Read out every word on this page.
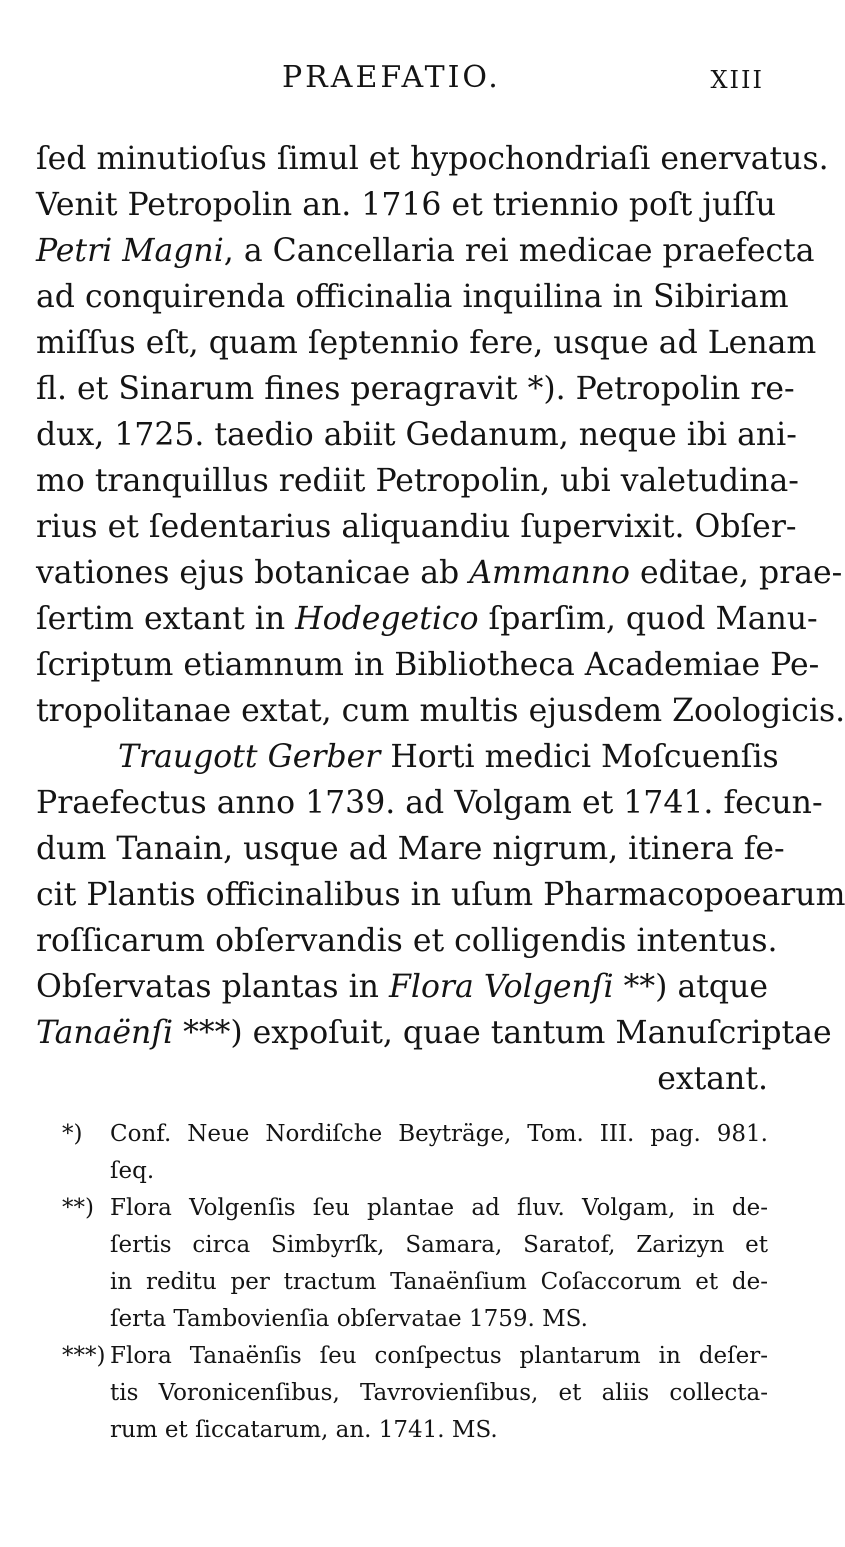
PRAEFATIO.	XIII
ſed minutioſus ſimul et hypochondriaſi enervatus.
Venit Petropolin an. 1716 et triennio poſt juſſu
Petri Magni, a Cancellaria rei medicae praefecta
ad conquirenda officinalia inquilina in Sibiriam
miſſus eſt, quam ſeptennio fere, usque ad Lenam
fl. et Sinarum fines peragravit *). Petropolin re-
dux, 1725. taedio abiit Gedanum, neque ibi ani-
mo tranquillus rediit Petropolin, ubi valetudina-
rius et ſedentarius aliquandiu ſupervixit. Obſer-
vationes ejus botanicae ab Ammanno editae, prae-
ſertim extant in Hodegetico ſparſim, quod Manu-
ſcriptum etiamnum in Bibliotheca Academiae Pe-
tropolitanae extat, cum multis ejusdem Zoologicis.
Traugott Gerber Horti medici Moſcuenſis
Praefectus anno 1739. ad Volgam et 1741. fecun-
dum Tanain, usque ad Mare nigrum, itinera fe-
cit Plantis officinalibus in uſum Pharmacopoearum
roſſicarum obſervandis et colligendis intentus.
Obſervatas plantas in Flora Volgenſi **) atque
Tanaënſi ***) expoſuit, quae tantum Manuſcriptae
extant.
*) Conf. Neue Nordiſche Beyträge, Tom. III. pag. 981.
ſeq.
**) Flora Volgenſis ſeu plantae ad fluv. Volgam, in de-
ſertis circa Simbyrſk, Samara, Saratof, Zarizyn et
in reditu per tractum Tanaënſium Coſaccorum et de-
ſerta Tambovienſia obſervatae 1759. MS.
***) Flora Tanaënſis ſeu conſpectus plantarum in deſer-
tis Voronicenſibus, Tavrovienſibus, et aliis collecta-
rum et ſiccatarum, an. 1741. MS.
